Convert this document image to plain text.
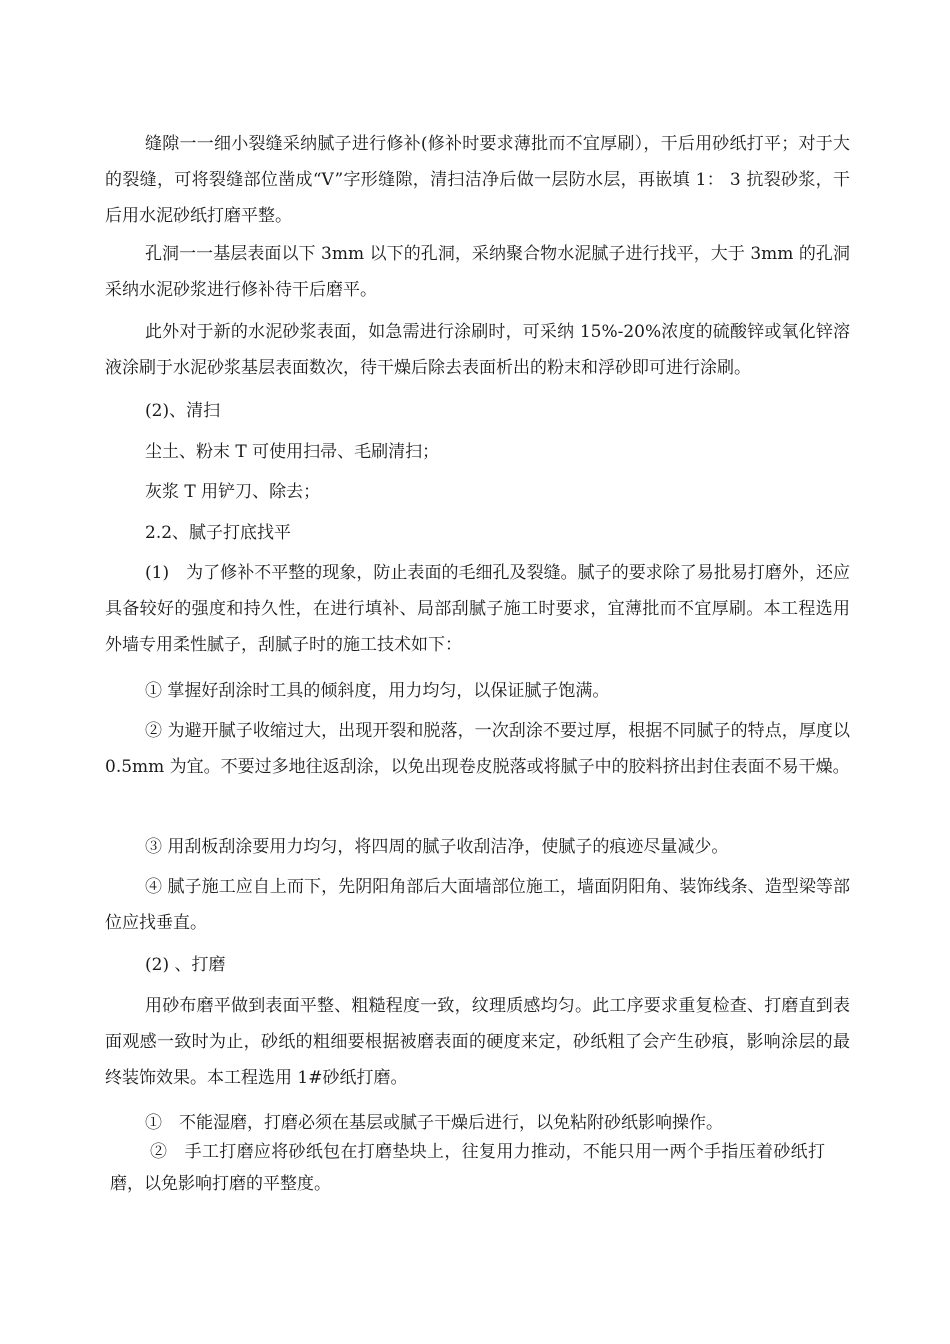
缝隙一一细小裂缝采纳腻子进行修补(修补时要求薄批而不宜厚刷），干后用砂纸打平；对于大的裂缝，可将裂缝部位凿成“V”字形缝隙，清扫洁净后做一层防水层，再嵌填 1： 3 抗裂砂浆，干后用水泥砂纸打磨平整。
孔洞一一基层表面以下 3mm 以下的孔洞，采纳聚合物水泥腻子进行找平，大于 3mm 的孔洞采纳水泥砂浆进行修补待干后磨平。
此外对于新的水泥砂浆表面，如急需进行涂刷时，可采纳 15%-20%浓度的硫酸锌或氧化锌溶液涂刷于水泥砂浆基层表面数次，待干燥后除去表面析出的粉末和浮砂即可进行涂刷。
(2)、清扫
尘土、粉末 T 可使用扫帚、毛刷清扫；
灰浆 T 用铲刀、除去；
2.2、腻子打底找平
(1)　为了修补不平整的现象，防止表面的毛细孔及裂缝。腻子的要求除了易批易打磨外，还应具备较好的强度和持久性，在进行填补、局部刮腻子施工时要求，宜薄批而不宜厚刷。本工程选用外墙专用柔性腻子，刮腻子时的施工技术如下：
① 掌握好刮涂时工具的倾斜度，用力均匀，以保证腻子饱满。
② 为避开腻子收缩过大，出现开裂和脱落，一次刮涂不要过厚，根据不同腻子的特点，厚度以 0.5mm 为宜。不要过多地往返刮涂，以免出现卷皮脱落或将腻子中的胶料挤出封住表面不易干燥。
③ 用刮板刮涂要用力均匀，将四周的腻子收刮洁净，使腻子的痕迹尽量减少。
④ 腻子施工应自上而下，先阴阳角部后大面墙部位施工，墙面阴阳角、装饰线条、造型梁等部位应找垂直。
(2) 、打磨
用砂布磨平做到表面平整、粗糙程度一致，纹理质感均匀。此工序要求重复检查、打磨直到表面观感一致时为止，砂纸的粗细要根据被磨表面的硬度来定，砂纸粗了会产生砂痕，影响涂层的最终装饰效果。本工程选用 1#砂纸打磨。
①　不能湿磨，打磨必须在基层或腻子干燥后进行，以免粘附砂纸影响操作。
②　手工打磨应将砂纸包在打磨垫块上，往复用力推动，不能只用一两个手指压着砂纸打磨，以免影响打磨的平整度。
